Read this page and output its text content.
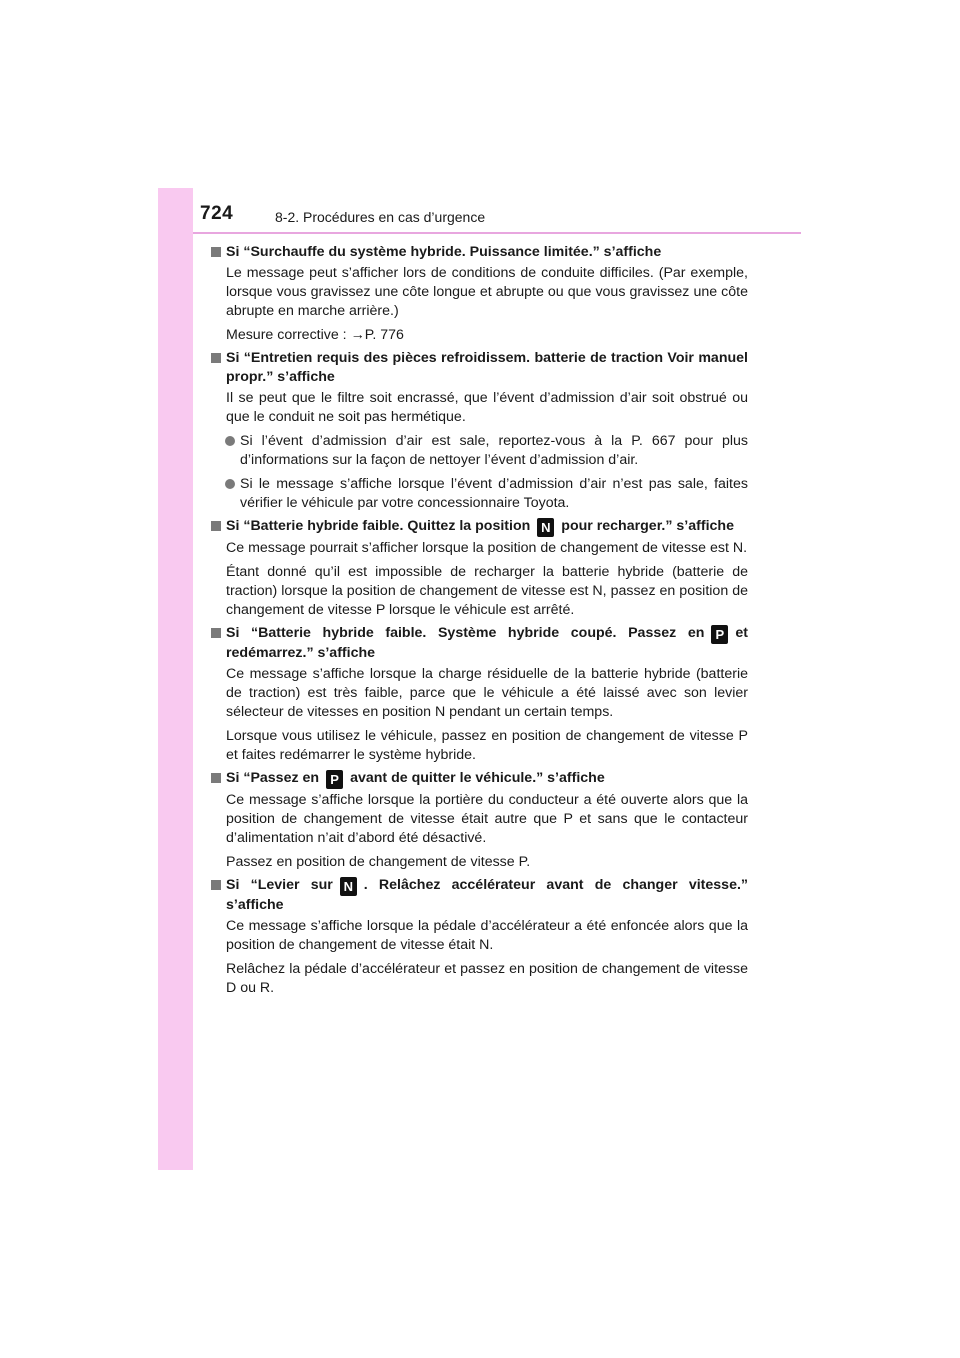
724	8-2. Procédures en cas d’urgence
Si “Surchauffe du système hybride. Puissance limitée.” s’affiche

Le message peut s’afficher lors de conditions de conduite difficiles. (Par exemple, lorsque vous gravissez une côte longue et abrupte ou que vous gravissez une côte abrupte en marche arrière.)

Mesure corrective : →P. 776

Si “Entretien requis des pièces refroidissem. batterie de traction Voir manuel propr.” s’affiche

Il se peut que le filtre soit encrassé, que l’évent d’admission d’air soit obstrué ou que le conduit ne soit pas hermétique.

Si l’évent d’admission d’air est sale, reportez-vous à la P. 667 pour plus d’informations sur la façon de nettoyer l’évent d’admission d’air.
Si le message s’affiche lorsque l’évent d’admission d’air n’est pas sale, faites vérifier le véhicule par votre concessionnaire Toyota.
Si “Batterie hybride faible. Quittez la position N pour recharger.” s’affiche

Ce message pourrait s’afficher lorsque la position de changement de vitesse est N.

Étant donné qu’il est impossible de recharger la batterie hybride (batterie de traction) lorsque la position de changement de vitesse est N, passez en position de changement de vitesse P lorsque le véhicule est arrêté.

Si “Batterie hybride faible. Système hybride coupé. Passez en P et redémarrez.” s’affiche

Ce message s’affiche lorsque la charge résiduelle de la batterie hybride (batterie de traction) est très faible, parce que le véhicule a été laissé avec son levier sélecteur de vitesses en position N pendant un certain temps.

Lorsque vous utilisez le véhicule, passez en position de changement de vitesse P et faites redémarrer le système hybride.

Si “Passez en P avant de quitter le véhicule.” s’affiche

Ce message s’affiche lorsque la portière du conducteur a été ouverte alors que la position de changement de vitesse était autre que P et sans que le contacteur d’alimentation n’ait d’abord été désactivé.

Passez en position de changement de vitesse P.

Si “Levier sur N . Relâchez accélérateur avant de changer vitesse.” s’affiche

Ce message s’affiche lorsque la pédale d’accélérateur a été enfoncée alors que la position de changement de vitesse était N.

Relâchez la pédale d’accélérateur et passez en position de changement de vitesse D ou R.
